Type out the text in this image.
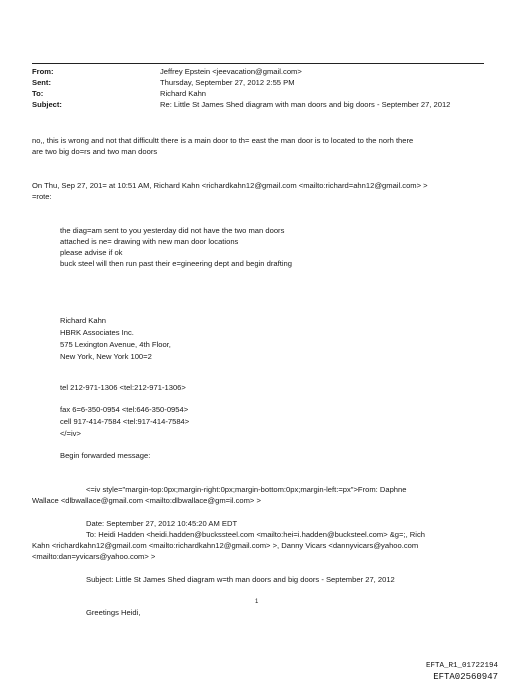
From:	Jeffrey Epstein <jeevacation@gmail.com>
Sent:	Thursday, September 27, 2012 2:55 PM
To:	Richard Kahn
Subject:	Re: Little St James Shed diagram with man doors and big doors - September 27, 2012
no,, this is wrong and not that difficultt there is a main door to th= east the man door is to located to the norh there
are two big do=rs and two man doors
On Thu, Sep 27, 201= at 10:51 AM, Richard Kahn <richardkahn12@gmail.com <mailto:richard=ahn12@gmail.com> >
=rote:
the diag=am sent to you yesterday did not have the two man doors
attached is ne= drawing with new man door locations
please advise if ok
buck steel will then run past their e=gineering dept and begin drafting
Richard Kahn
HBRK Associates Inc.
575 Lexington Avenue, 4th Floor,
New York, New York 100=2
tel 212-971-1306 <tel:212-971-1306>
fax 6=6-350-0954 <tel:646-350-0954>
cell 917-414-7584 <tel:917-414-7584>
</=iv>
Begin forwarded message:
<=iv style="margin-top:0px;margin-right:0px;margin-bottom:0px;margin-left:=px">From: Daphne
Wallace <dlbwallace@gmail.com <mailto:dlbwallace@gm=il.com> >
Date: September 27, 2012 10:45:20 AM EDT
To: Heidi Hadden <heidi.hadden@buckssteel.com <mailto:hei=i.hadden@bucksteel.com> &g=;, Rich
Kahn <richardkahn12@gmail.com <mailto:richardkahn12@gmail.com> >, Danny Vicars <dannyvicars@yahoo.com
<mailto:dan=yvicars@yahoo.com> >
Subject: Little St James Shed diagram w=th man doors and big doors - September 27, 2012
Greetings Heidi,
1
EFTA_R1_01722194
EFTA02560947
